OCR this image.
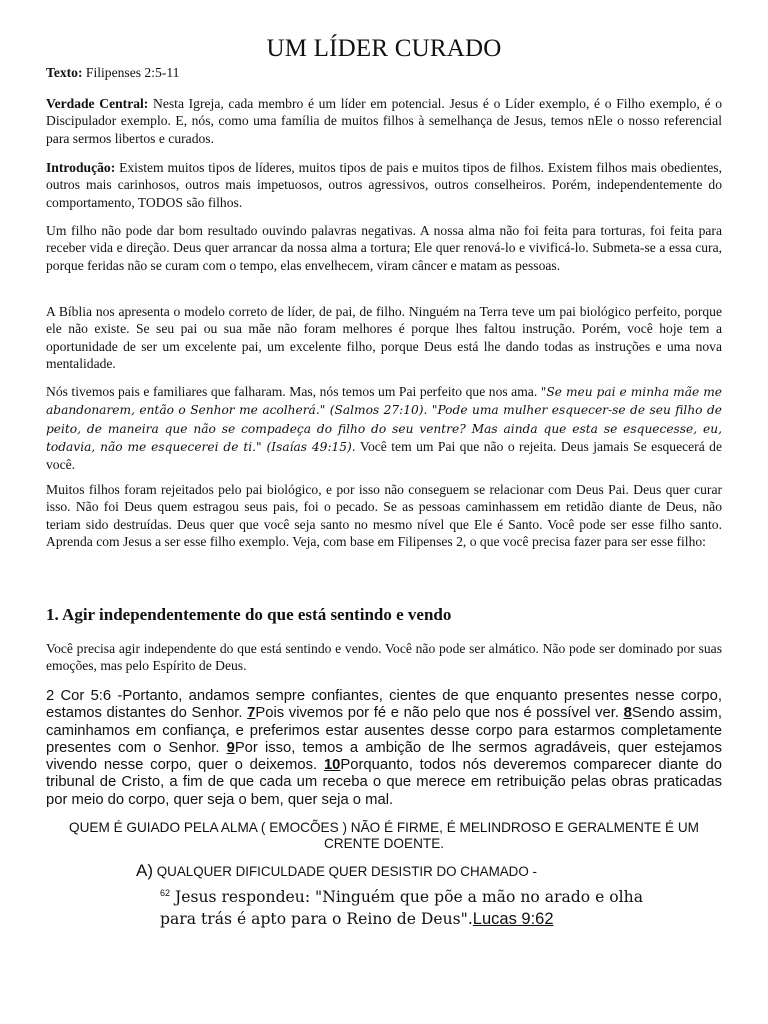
UM LÍDER CURADO
Texto: Filipenses 2:5-11
Verdade Central: Nesta Igreja, cada membro é um líder em potencial. Jesus é o Líder exemplo, é o Filho exemplo, é o Discipulador exemplo. E, nós, como uma família de muitos filhos à semelhança de Jesus, temos nEle o nosso referencial para sermos libertos e curados.
Introdução: Existem muitos tipos de líderes, muitos tipos de pais e muitos tipos de filhos. Existem filhos mais obedientes, outros mais carinhosos, outros mais impetuosos, outros agressivos, outros conselheiros. Porém, independentemente do comportamento, TODOS são filhos.
Um filho não pode dar bom resultado ouvindo palavras negativas. A nossa alma não foi feita para torturas, foi feita para receber vida e direção. Deus quer arrancar da nossa alma a tortura; Ele quer renová-lo e vivificá-lo. Submeta-se a essa cura, porque feridas não se curam com o tempo, elas envelhecem, viram câncer e matam as pessoas.
A Bíblia nos apresenta o modelo correto de líder, de pai, de filho. Ninguém na Terra teve um pai biológico perfeito, porque ele não existe. Se seu pai ou sua mãe não foram melhores é porque lhes faltou instrução. Porém, você hoje tem a oportunidade de ser um excelente pai, um excelente filho, porque Deus está lhe dando todas as instruções e uma nova mentalidade.
Nós tivemos pais e familiares que falharam. Mas, nós temos um Pai perfeito que nos ama. "Se meu pai e minha mãe me abandonarem, então o Senhor me acolherá." (Salmos 27:10). "Pode uma mulher esquecer-se de seu filho de peito, de maneira que não se compadeça do filho do seu ventre? Mas ainda que esta se esquecesse, eu, todavia, não me esquecerei de ti." (Isaías 49:15). Você tem um Pai que não o rejeita. Deus jamais Se esquecerá de você.
Muitos filhos foram rejeitados pelo pai biológico, e por isso não conseguem se relacionar com Deus Pai. Deus quer curar isso. Não foi Deus quem estragou seus pais, foi o pecado. Se as pessoas caminhassem em retidão diante de Deus, não teriam sido destruídas. Deus quer que você seja santo no mesmo nível que Ele é Santo. Você pode ser esse filho santo. Aprenda com Jesus a ser esse filho exemplo. Veja, com base em Filipenses 2, o que você precisa fazer para ser esse filho:
1. Agir independentemente do que está sentindo e vendo
Você precisa agir independente do que está sentindo e vendo. Você não pode ser almático. Não pode ser dominado por suas emoções, mas pelo Espírito de Deus.
2 Cor 5:6 -Portanto, andamos sempre confiantes, cientes de que enquanto presentes nesse corpo, estamos distantes do Senhor. 7Pois vivemos por fé e não pelo que nos é possível ver. 8Sendo assim, caminhamos em confiança, e preferimos estar ausentes desse corpo para estarmos completamente presentes com o Senhor. 9Por isso, temos a ambição de lhe sermos agradáveis, quer estejamos vivendo nesse corpo, quer o deixemos. 10Porquanto, todos nós deveremos comparecer diante do tribunal de Cristo, a fim de que cada um receba o que merece em retribuição pelas obras praticadas por meio do corpo, quer seja o bem, quer seja o mal.
QUEM É GUIADO PELA ALMA ( EMOCÕES ) NÃO É FIRME, É MELINDROSO E GERALMENTE É UM CRENTE DOENTE.
A) QUALQUER DIFICULDADE QUER DESISTIR DO CHAMADO -
$^{62}$ Jesus respondeu: "Ninguém que põe a mão no arado e olha para trás é apto para o Reino de Deus".Lucas 9:62
